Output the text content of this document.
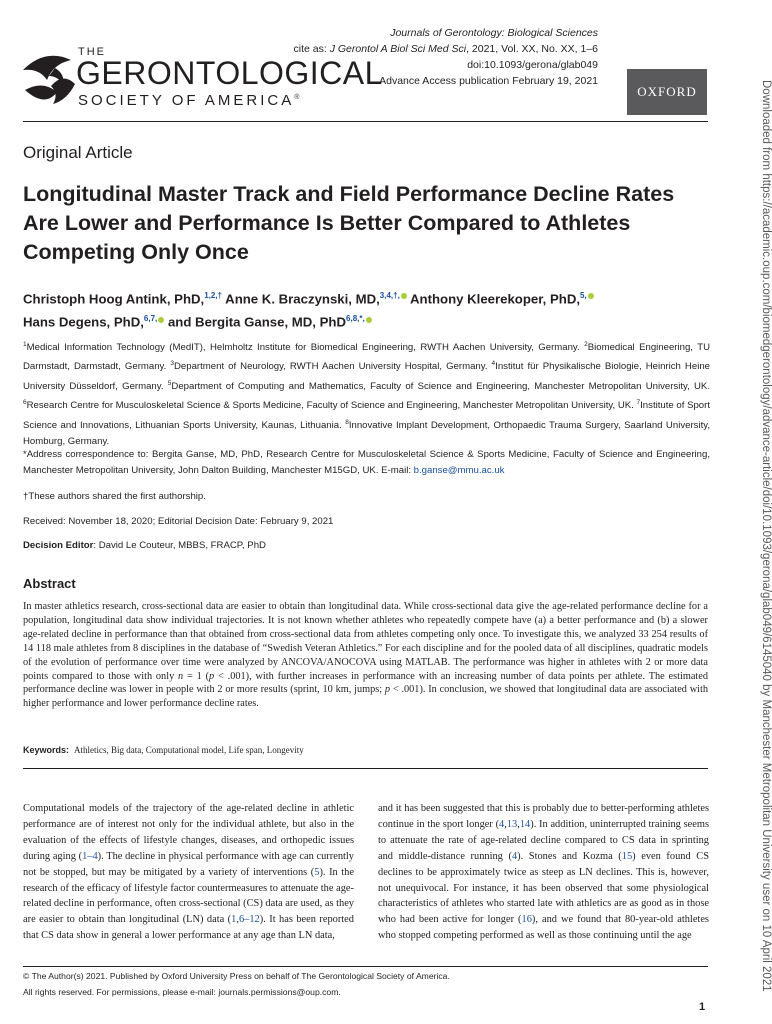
THE
GERONTOLOGICAL
SOCIETY OF AMERICA®
Journals of Gerontology: Biological Sciences
cite as: J Gerontol A Biol Sci Med Sci, 2021, Vol. XX, No. XX, 1–6
doi:10.1093/gerona/glab049
Advance Access publication February 19, 2021
OXFORD
Original Article
Longitudinal Master Track and Field Performance Decline Rates Are Lower and Performance Is Better Compared to Athletes Competing Only Once
Christoph Hoog Antink, PhD,$^{1,2,\dagger}$ Anne K. Braczynski, MD,$^{3,4,\dagger,}$ Anthony Kleerekoper, PhD,$^{5,}$
Hans Degens, PhD,$^{6,7,}$ and Bergita Ganse, MD, PhD$^{6,8,*,}$
$^1$Medical Information Technology (MedIT), Helmholtz Institute for Biomedical Engineering, RWTH Aachen University, Germany. $^2$Biomedical Engineering, TU Darmstadt, Darmstadt, Germany. $^3$Department of Neurology, RWTH Aachen University Hospital, Germany. $^4$Institut für Physikalische Biologie, Heinrich Heine University Düsseldorf, Germany. $^5$Department of Computing and Mathematics, Faculty of Science and Engineering, Manchester Metropolitan University, UK. $^6$Research Centre for Musculoskeletal Science & Sports Medicine, Faculty of Science and Engineering, Manchester Metropolitan University, UK. $^7$Institute of Sport Science and Innovations, Lithuanian Sports University, Kaunas, Lithuania. $^8$Innovative Implant Development, Orthopaedic Trauma Surgery, Saarland University, Homburg, Germany.
*Address correspondence to: Bergita Ganse, MD, PhD, Research Centre for Musculoskeletal Science & Sports Medicine, Faculty of Science and Engineering, Manchester Metropolitan University, John Dalton Building, Manchester M15GD, UK. E-mail: b.ganse@mmu.ac.uk
†These authors shared the first authorship.
Received: November 18, 2020; Editorial Decision Date: February 9, 2021
Decision Editor: David Le Couteur, MBBS, FRACP, PhD
Abstract
In master athletics research, cross-sectional data are easier to obtain than longitudinal data. While cross-sectional data give the age-related performance decline for a population, longitudinal data show individual trajectories. It is not known whether athletes who repeatedly compete have (a) a better performance and (b) a slower age-related decline in performance than that obtained from cross-sectional data from athletes competing only once. To investigate this, we analyzed 33 254 results of 14 118 male athletes from 8 disciplines in the database of “Swedish Veteran Athletics.” For each discipline and for the pooled data of all disciplines, quadratic models of the evolution of performance over time were analyzed by ANCOVA/ANOCOVA using MATLAB. The performance was higher in athletes with 2 or more data points compared to those with only n = 1 (p < .001), with further increases in performance with an increasing number of data points per athlete. The estimated performance decline was lower in people with 2 or more results (sprint, 10 km, jumps; p < .001). In conclusion, we showed that longitudinal data are associated with higher performance and lower performance decline rates.
Keywords: Athletics, Big data, Computational model, Life span, Longevity
Computational models of the trajectory of the age-related decline in athletic performance are of interest not only for the individual athlete, but also in the evaluation of the effects of lifestyle changes, diseases, and orthopedic issues during aging (1–4). The decline in physical performance with age can currently not be stopped, but may be mitigated by a variety of interventions (5). In the research of the efficacy of lifestyle factor countermeasures to attenuate the age-related decline in performance, often cross-sectional (CS) data are used, as they are easier to obtain than longitudinal (LN) data (1,6–12). It has been reported that CS data show in general a lower performance at any age than LN data,
and it has been suggested that this is probably due to better-performing athletes continue in the sport longer (4,13,14). In addition, uninterrupted training seems to attenuate the rate of age-related decline compared to CS data in sprinting and middle-distance running (4). Stones and Kozma (15) even found CS declines to be approximately twice as steep as LN declines. This is, however, not unequivocal. For instance, it has been observed that some physiological characteristics of athletes who started late with athletics are as good as in those who had been active for longer (16), and we found that 80-year-old athletes who stopped competing performed as well as those continuing until the age
© The Author(s) 2021. Published by Oxford University Press on behalf of The Gerontological Society of America.
All rights reserved. For permissions, please e-mail: journals.permissions@oup.com.
1
Downloaded from https://academic.oup.com/biomedgerontology/advance-article/doi/10.1093/gerona/glab049/6145040 by Manchester Metropolitan University user on 10 April 2021
